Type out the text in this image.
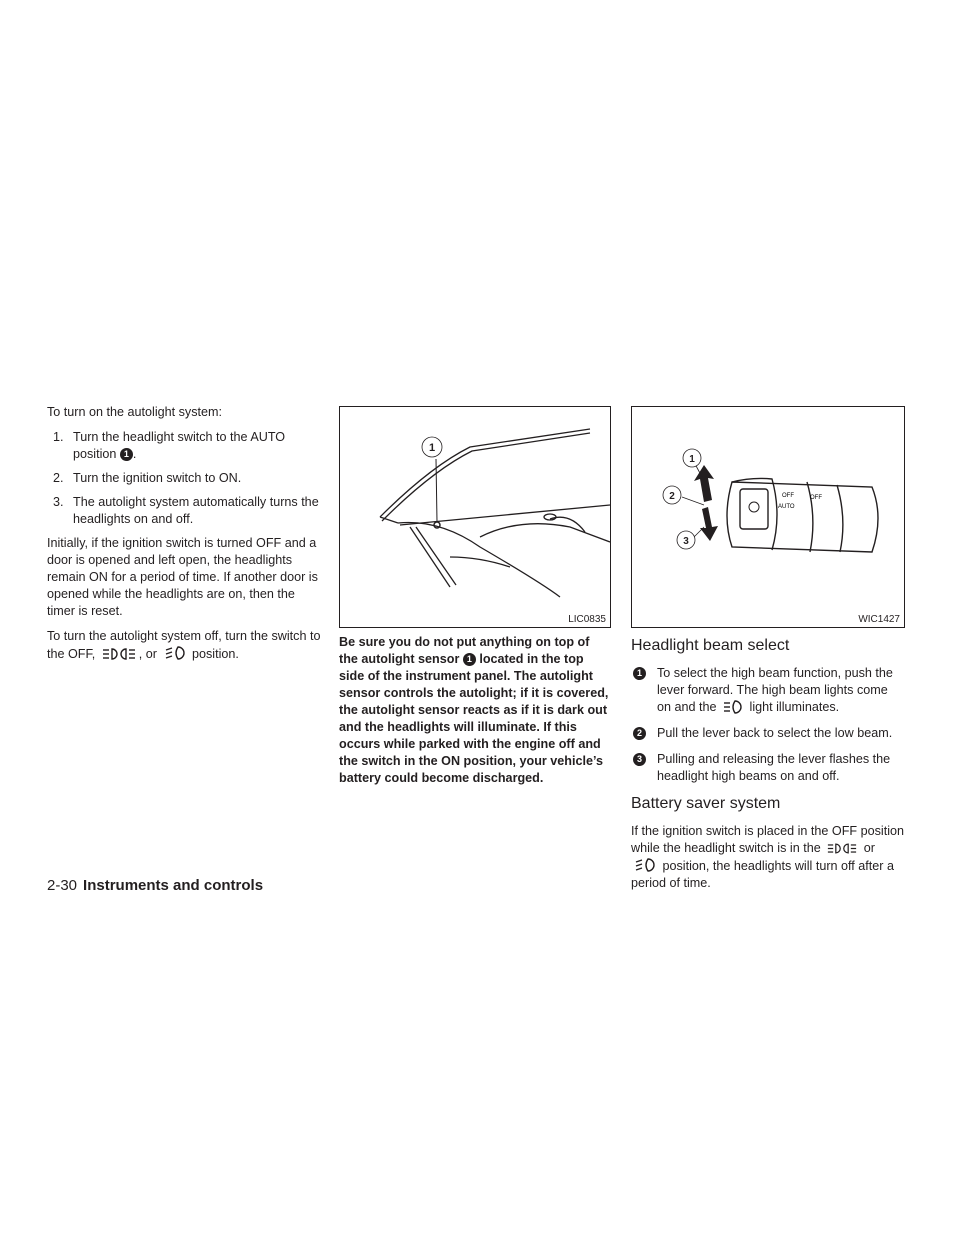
To turn on the autolight system:

1. Turn the headlight switch to the AUTO position 1 .
2. Turn the ignition switch to ON.
3. The autolight system automatically turns the headlights on and off.

Initially, if the ignition switch is turned OFF and a door is opened and left open, the headlights remain ON for a period of time. If another door is opened while the headlights are on, then the timer is reset.

To turn the autolight system off, turn the switch to the OFF,	, or	position.

1
LIC0835
Be sure you do not put anything on top of the autolight sensor 1 located in the top side of the instrument panel. The autolight sensor controls the autolight; if it is covered, the autolight sensor reacts as if it is dark out and the headlights will illuminate. If this occurs while parked with the engine off and the switch in the ON position, your vehicle’s battery could become discharged.
OFF
AUTO
OFF
1
2
3
WIC1427
Headlight beam select
1	To select the high beam function, push the lever forward. The high beam lights come on and the	light illuminates.
2	Pull the lever back to select the low beam.
3	Pulling and releasing the lever flashes the headlight high beams on and off.
Battery saver system

If the ignition switch is placed in the OFF position while the headlight switch is in the	or  position, the headlights will turn off after a period of time.

2-30 Instruments and controls
